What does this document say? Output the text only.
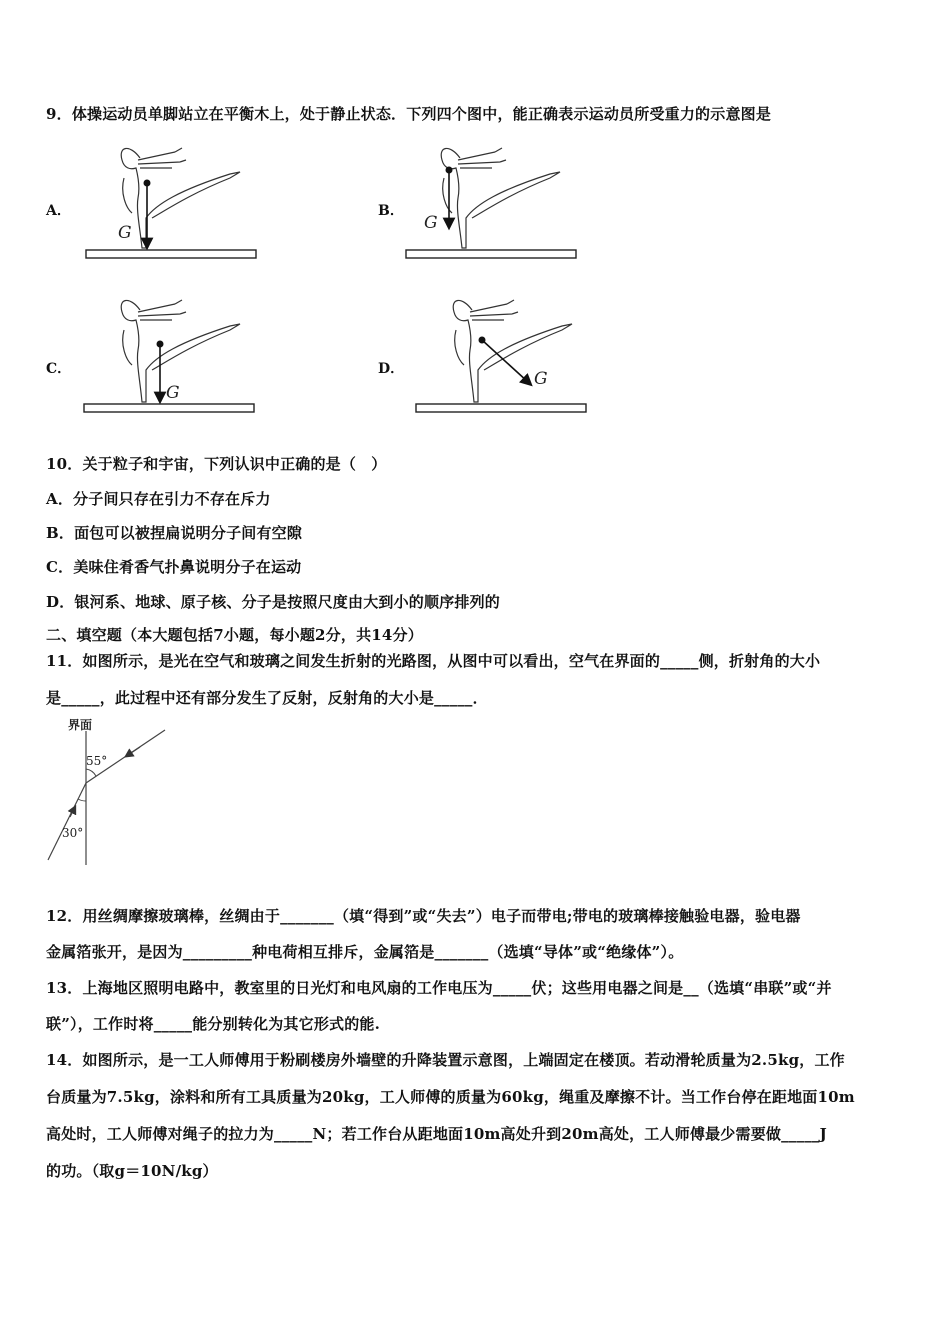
9．体操运动员单脚站立在平衡木上，处于静止状态．下列四个图中，能正确表示运动员所受重力的示意图是
A．	B．
C．	D．
G	G
G
G
10．关于粒子和宇宙，下列认识中正确的是（　）
A．分子间只存在引力不存在斥力
B．面包可以被捏扁说明分子间有空隙
C．美味住肴香气扑鼻说明分子在运动
D．银河系、地球、原子核、分子是按照尺度由大到小的顺序排列的
二、填空题（本大题包括7小题，每小题2分，共14分）
11．如图所示，是光在空气和玻璃之间发生折射的光路图，从图中可以看出，空气在界面的_____侧，折射角的大小
是_____，此过程中还有部分发生了反射，反射角的大小是_____．
界面
55°
30°
12．用丝绸摩擦玻璃棒，丝绸由于_______（填“得到”或“失去”）电子而带电;带电的玻璃棒接触验电器，验电器
金属箔张开，是因为_________种电荷相互排斥，金属箔是_______（选填“导体”或“绝缘体”）。
13．上海地区照明电路中，教室里的日光灯和电风扇的工作电压为_____伏；这些用电器之间是__（选填“串联”或“并
联”），工作时将_____能分别转化为其它形式的能.
14．如图所示，是一工人师傅用于粉刷楼房外墙壁的升降装置示意图，上端固定在楼顶。若动滑轮质量为2.5kg，工作
台质量为7.5kg，涂料和所有工具质量为20kg，工人师傅的质量为60kg，绳重及摩擦不计。当工作台停在距地面10m
高处时，工人师傅对绳子的拉力为_____N；若工作台从距地面10m高处升到20m高处，工人师傅最少需要做_____J
的功。（取g＝10N/kg）
